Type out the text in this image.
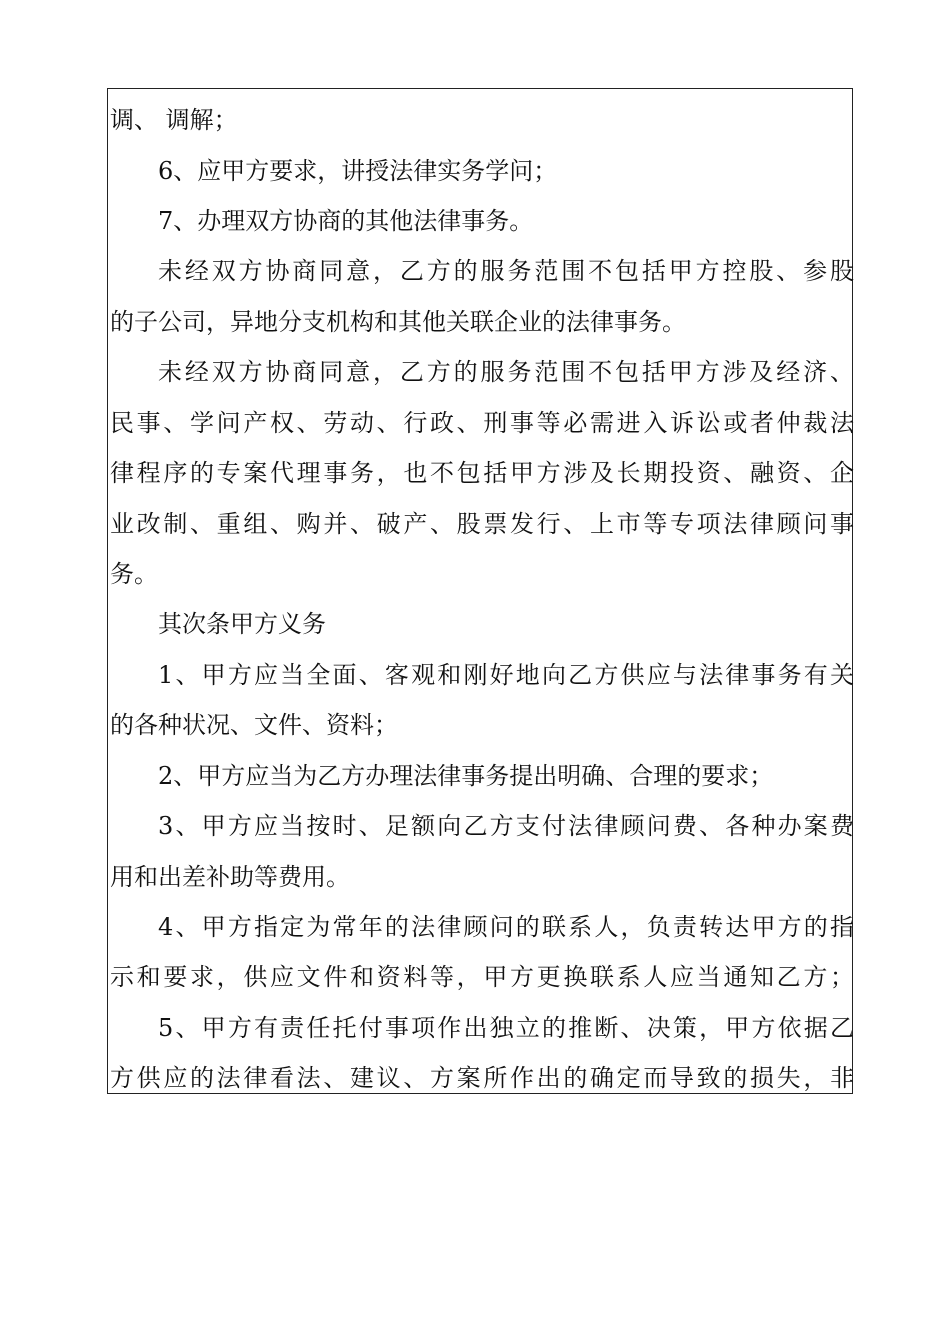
调、 调解；
6、应甲方要求，讲授法律实务学问；
7、办理双方协商的其他法律事务。
未经双方协商同意，乙方的服务范围不包括甲方控股、参股
的子公司，异地分支机构和其他关联企业的法律事务。
未经双方协商同意，乙方的服务范围不包括甲方涉及经济、
民事、学问产权、劳动、行政、刑事等必需进入诉讼或者仲裁法
律程序的专案代理事务，也不包括甲方涉及长期投资、融资、企
业改制、重组、购并、破产、股票发行、上市等专项法律顾问事
务。
其次条甲方义务
1、甲方应当全面、客观和刚好地向乙方供应与法律事务有关
的各种状况、文件、资料；
2、甲方应当为乙方办理法律事务提出明确、合理的要求；
3、甲方应当按时、足额向乙方支付法律顾问费、各种办案费
用和出差补助等费用。
4、甲方指定为常年的法律顾问的联系人，负责转达甲方的指
示和要求，供应文件和资料等，甲方更换联系人应当通知乙方；
5、甲方有责任托付事项作出独立的推断、决策，甲方依据乙
方供应的法律看法、建议、方案所作出的确定而导致的损失，非
